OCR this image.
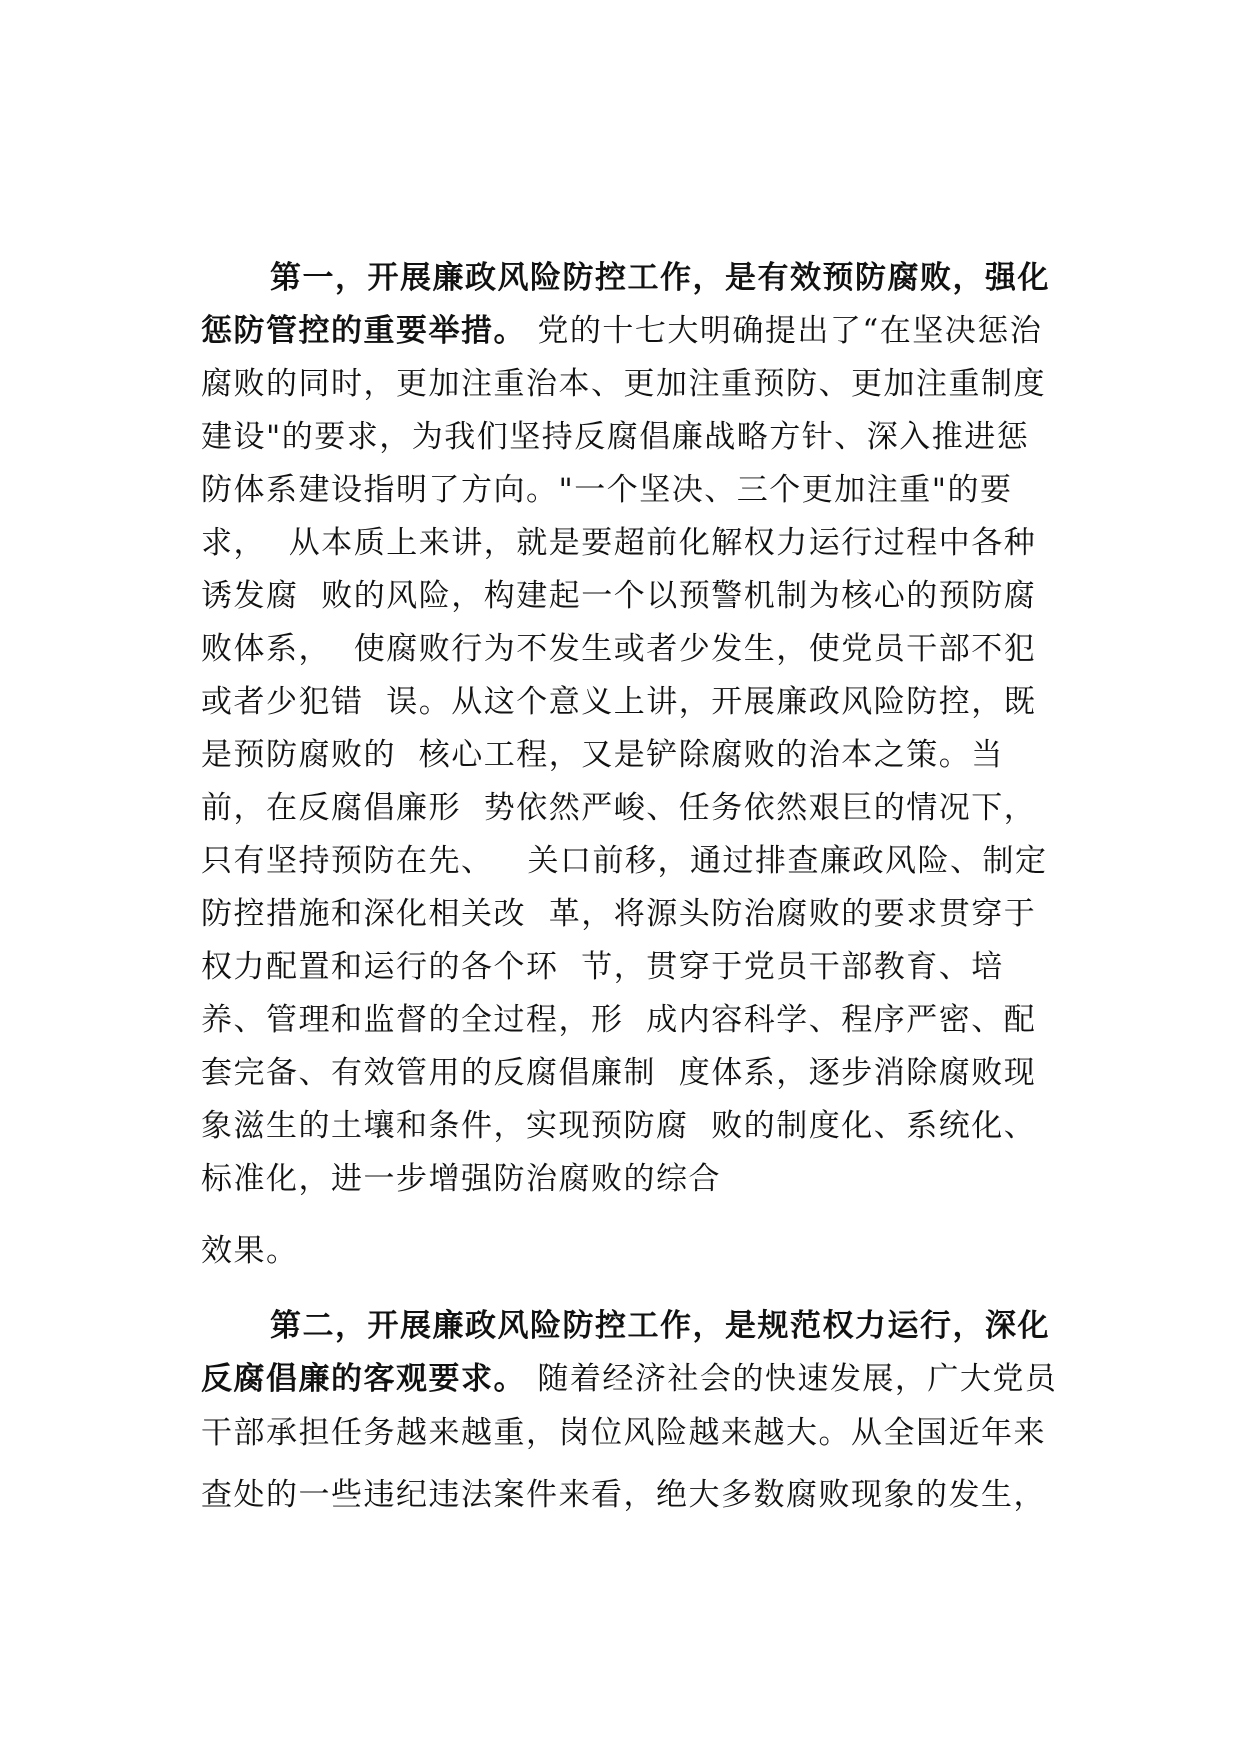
第一，开展廉政风险防控工作，是有效预防腐败，强化
惩防管控的重要举措。 党的十七大明确提出了“在坚决惩治
腐败的同时，更加注重治本、更加注重预防、更加注重制度
建设"的要求，为我们坚持反腐倡廉战略方针、深入推进惩
防体系建设指明了方向。"一个坚决、三个更加注重"的要
求，  从本质上来讲，就是要超前化解权力运行过程中各种
诱发腐  败的风险，构建起一个以预警机制为核心的预防腐
败体系，  使腐败行为不发生或者少发生，使党员干部不犯
或者少犯错  误。从这个意义上讲，开展廉政风险防控，既
是预防腐败的  核心工程，又是铲除腐败的治本之策。当
前，在反腐倡廉形  势依然严峻、任务依然艰巨的情况下，
只有坚持预防在先、   关口前移，通过排查廉政风险、制定
防控措施和深化相关改  革，将源头防治腐败的要求贯穿于
权力配置和运行的各个环  节，贯穿于党员干部教育、培
养、管理和监督的全过程，形  成内容科学、程序严密、配
套完备、有效管用的反腐倡廉制  度体系，逐步消除腐败现
象滋生的土壤和条件，实现预防腐  败的制度化、系统化、
标准化，进一步增强防治腐败的综合
效果。
第二，开展廉政风险防控工作，是规范权力运行，深化
反腐倡廉的客观要求。 随着经济社会的快速发展，广大党员
干部承担任务越来越重，岗位风险越来越大。从全国近年来
查处的一些违纪违法案件来看，绝大多数腐败现象的发生，
